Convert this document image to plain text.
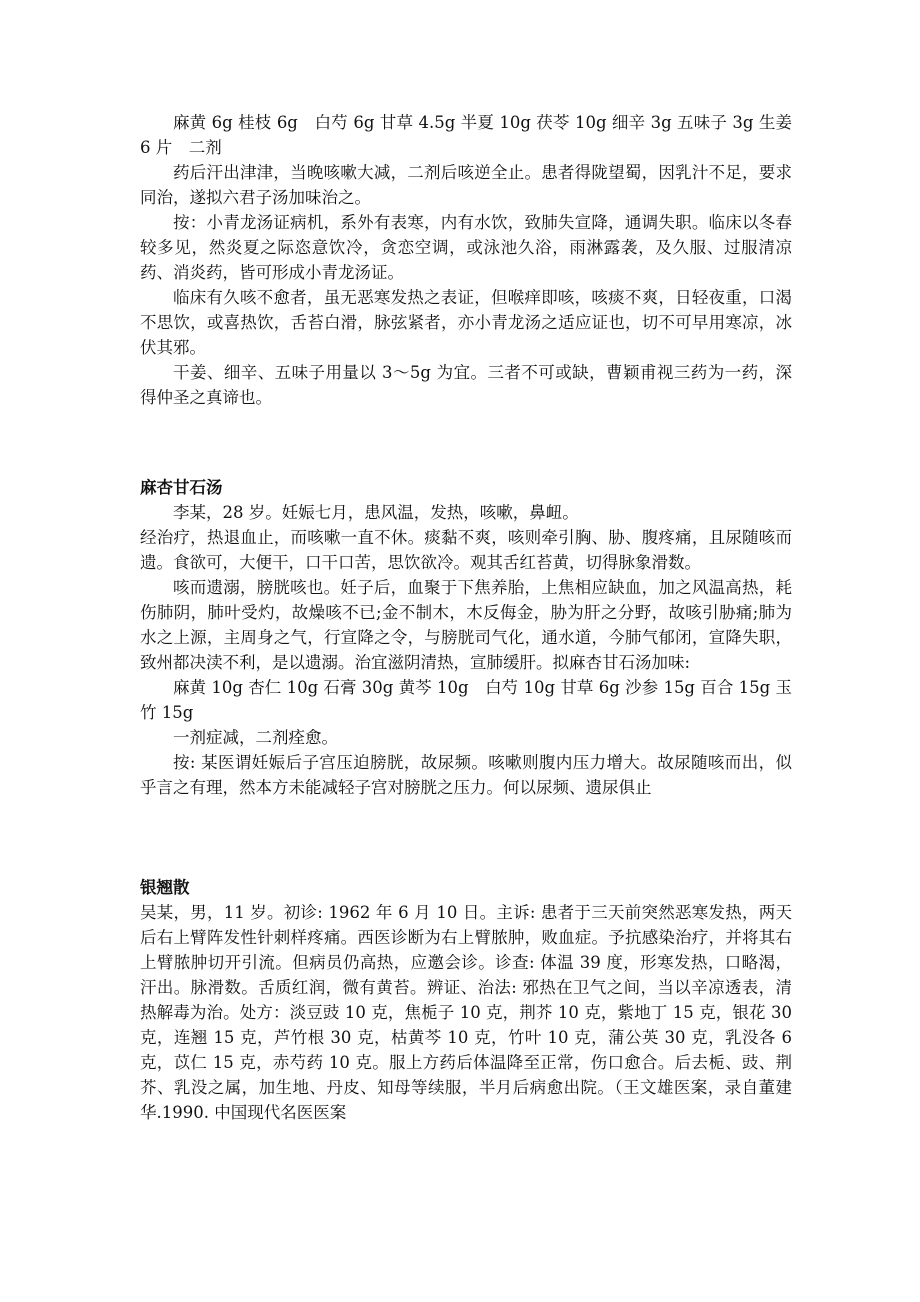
麻黄 6g 桂枝 6g　白芍 6g 甘草 4.5g 半夏 10g 茯苓 10g 细辛 3g 五味子 3g 生姜 6 片　二剂

药后汗出津津，当晚咳嗽大减，二剂后咳逆全止。患者得陇望蜀，因乳汁不足，要求同治，遂拟六君子汤加味治之。

按：小青龙汤证病机，系外有表寒，内有水饮，致肺失宣降，通调失职。临床以冬春较多见，然炎夏之际恣意饮冷，贪恋空调，或泳池久浴，雨淋露袭，及久服、过服清凉药、消炎药，皆可形成小青龙汤证。

临床有久咳不愈者，虽无恶寒发热之表证，但喉痒即咳，咳痰不爽，日轻夜重，口渴不思饮，或喜热饮，舌苔白滑，脉弦紧者，亦小青龙汤之适应证也，切不可早用寒凉，冰伏其邪。

干姜、细辛、五味子用量以 3～5g 为宜。三者不可或缺，曹颖甫视三药为一药，深得仲圣之真谛也。

麻杏甘石汤

李某，28 岁。妊娠七月，患风温，发热，咳嗽，鼻衄。

经治疗，热退血止，而咳嗽一直不休。痰黏不爽，咳则牵引胸、胁、腹疼痛，且尿随咳而遗。食欲可，大便干，口干口苦，思饮欲冷。观其舌红苔黄，切得脉象滑数。

咳而遗溺，膀胱咳也。妊子后，血聚于下焦养胎，上焦相应缺血，加之风温高热，耗伤肺阴，肺叶受灼，故燥咳不已;金不制木，木反侮金，胁为肝之分野，故咳引胁痛;肺为水之上源，主周身之气，行宣降之令，与膀胱司气化，通水道，今肺气郁闭，宣降失职，致州都决渎不利，是以遗溺。治宜滋阴清热，宣肺缓肝。拟麻杏甘石汤加味:

麻黄 10g 杏仁 10g 石膏 30g 黄芩 10g　白芍 10g 甘草 6g 沙参 15g 百合 15g 玉竹 15g

一剂症减，二剂痊愈。

按: 某医谓妊娠后子宫压迫膀胱，故尿频。咳嗽则腹内压力增大。故尿随咳而出，似乎言之有理，然本方未能减轻子宫对膀胱之压力。何以尿频、遗尿俱止

银翘散

吴某，男，11 岁。初诊: 1962 年 6 月 10 日。主诉: 患者于三天前突然恶寒发热，两天后右上臂阵发性针刺样疼痛。西医诊断为右上臂脓肿，败血症。予抗感染治疗，并将其右上臂脓肿切开引流。但病员仍高热，应邀会诊。诊查: 体温 39 度，形寒发热，口略渴，汗出。脉滑数。舌质红润，微有黄苔。辨证、治法: 邪热在卫气之间，当以辛凉透表，清热解毒为治。处方：淡豆豉 10 克，焦栀子 10 克，荆芥 10 克，紫地丁 15 克，银花 30 克，连翘 15 克，芦竹根 30 克，枯黄芩 10 克，竹叶 10 克，蒲公英 30 克，乳没各 6 克，苡仁 15 克，赤芍药 10 克。服上方药后体温降至正常，伤口愈合。后去栀、豉、荆芥、乳没之属，加生地、丹皮、知母等续服，半月后病愈出院。（王文雄医案，录自董建华.1990. 中国现代名医医案
